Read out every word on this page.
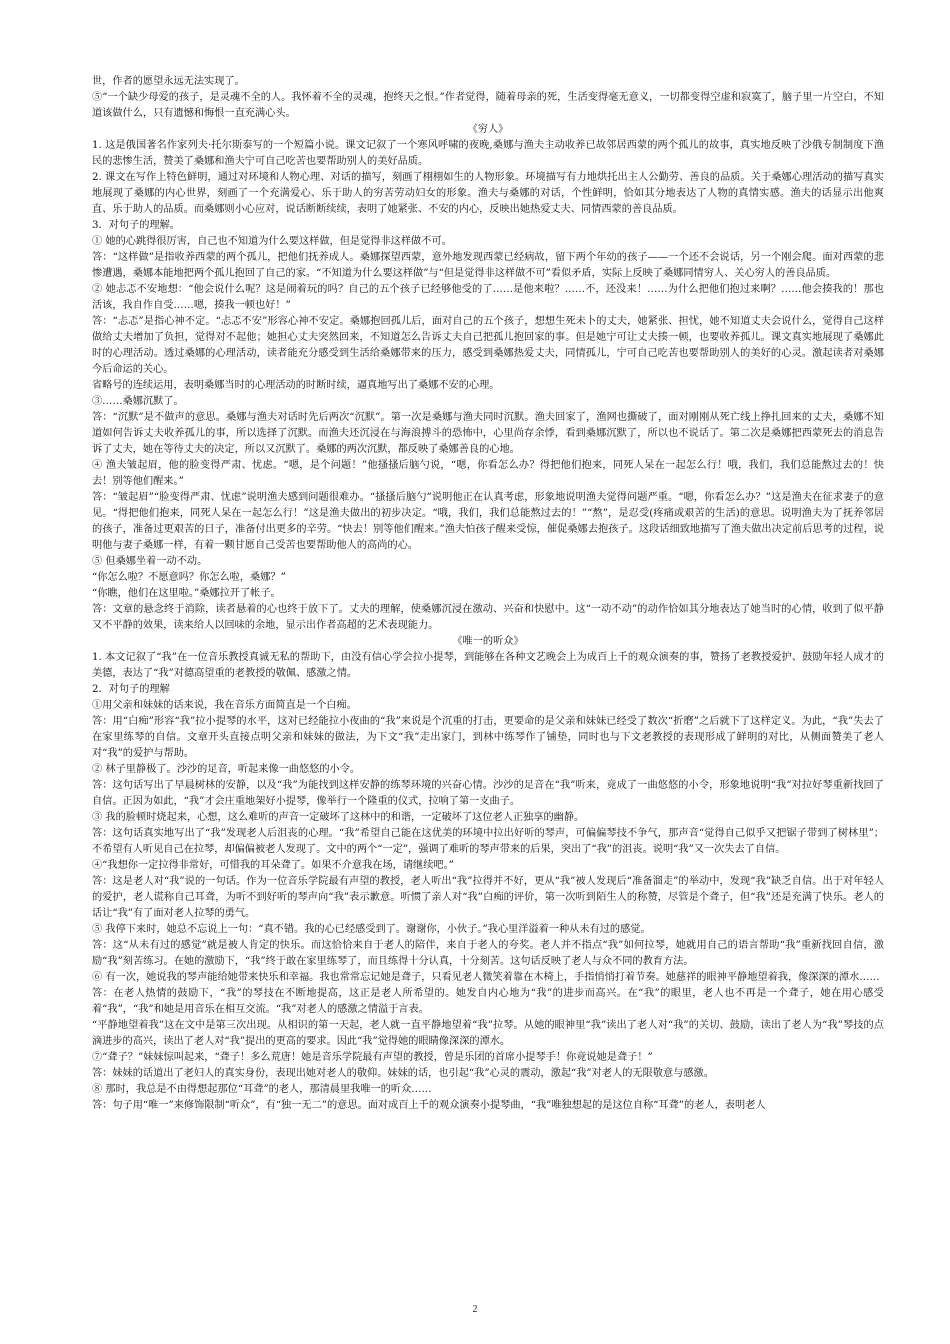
世，作者的愿望永远无法实现了。

⑤“一个缺少母爱的孩子，是灵魂不全的人。我怀着不全的灵魂，抱终天之恨。”作者觉得，随着母亲的死，生活变得毫无意义，一切都变得空虚和寂寞了，脑子里一片空白，不知道该做什么，只有遗憾和悔恨一直充满心头。

《穷人》

1. 这是俄国著名作家列夫·托尔斯泰写的一个短篇小说。课文记叙了一个寒风呼啸的夜晚,桑娜与渔夫主动收养已故邻居西蒙的两个孤儿的故事，真实地反映了沙俄专制制度下渔民的悲惨生活，赞美了桑娜和渔夫宁可自己吃苦也要帮助别人的美好品质。

2. 课文在写作上特色鲜明，通过对环境和人物心理、对话的描写，刻画了栩栩如生的人物形象。环境描写有力地烘托出主人公勤劳、善良的品质。关于桑娜心理活动的描写真实地展现了桑娜的内心世界，刻画了一个充满爱心、乐于助人的穷苦劳动妇女的形象。渔夫与桑娜的对话，个性鲜明，恰如其分地表达了人物的真情实感。渔夫的话显示出他爽直、乐于助人的品质。而桑娜则小心应对，说话断断续续，表明了她紧张、不安的内心，反映出她热爱丈夫、同情西蒙的善良品质。

3．对句子的理解。

① 她的心跳得很厉害，自己也不知道为什么要这样做，但是觉得非这样做不可。

答：“这样做”是指收养西蒙的两个孤儿，把他们抚养成人。桑娜探望西蒙，意外地发现西蒙已经病故，留下两个年幼的孩子——一个还不会说话，另一个刚会爬。面对西蒙的悲惨遭遇，桑娜本能地把两个孤儿抱回了自己的家。“不知道为什么要这样做”与“但是觉得非这样做不可”看似矛盾，实际上反映了桑娜同情穷人、关心穷人的善良品质。

② 她忐忑不安地想：“他会说什么呢？这是闹着玩的吗？自己的五个孩子已经够他受的了……是他来啦？……不，还没来！……为什么把他们抱过来啊？……他会揍我的！那也活该，我自作自受……嗯，揍我一顿也好！”

答：“忐忑”是指心神不定。“忐忑不安”形容心神不安定。桑娜抱回孤儿后，面对自己的五个孩子，想想生死未卜的丈夫，她紧张、担忧，她不知道丈夫会说什么，觉得自己这样做给丈夫增加了负担，觉得对不起他；她担心丈夫突然回来，不知道怎么告诉丈夫自己把孤儿抱回家的事。但是她宁可让丈夫揍一顿，也要收养孤儿。课文真实地展现了桑娜此时的心理活动。透过桑娜的心理活动，读者能充分感受到生活给桑娜带来的压力，感受到桑娜热爱丈夫，同情孤儿，宁可自己吃苦也要帮助别人的美好的心灵。激起读者对桑娜今后命运的关心。

省略号的连续运用，表明桑娜当时的心理活动的时断时续，逼真地写出了桑娜不安的心理。

③……桑娜沉默了。

答：“沉默”是不做声的意思。桑娜与渔夫对话时先后两次“沉默”。第一次是桑娜与渔夫同时沉默。渔夫回家了，渔网也撕破了，面对刚刚从死亡线上挣扎回来的丈夫，桑娜不知道如何告诉丈夫收养孤儿的事，所以选择了沉默。而渔夫还沉浸在与海浪搏斗的恐怖中，心里尚存余悸，看到桑娜沉默了，所以也不说话了。第二次是桑娜把西蒙死去的消息告诉了丈夫，她在等待丈夫的决定，所以又沉默了。桑娜的两次沉默，都反映了桑娜善良的心地。

④ 渔夫皱起眉，他的脸变得严肃、忧虑。“嗯，是个问题！”他搔搔后脑勺说，“嗯，你看怎么办？得把他们抱来，同死人呆在一起怎么行！哦，我们，我们总能熬过去的！快去！别等他们醒来。”

答：“皱起眉”“脸变得严肃、忧虑”说明渔夫感到问题很难办。“搔搔后脑勺”说明他正在认真考虑，形象地说明渔夫觉得问题严重。“嗯，你看怎么办？”这是渔夫在征求妻子的意见。“得把他们抱来，同死人呆在一起怎么行！”这是渔夫做出的初步决定。“哦，我们，我们总能熬过去的！”“熬”，是忍受(疼痛或艰苦的生活)的意思。说明渔夫为了抚养邻居的孩子，准备过更艰苦的日子，准备付出更多的辛劳。“快去！别等他们醒来。”渔夫怕孩子醒来受惊，催促桑娜去抱孩子。这段话细致地描写了渔夫做出决定前后思考的过程，说明他与妻子桑娜一样，有着一颗甘愿自己受苦也要帮助他人的高尚的心。

⑤ 但桑娜坐着一动不动。

“你怎么啦？不愿意吗？你怎么啦，桑娜？”

“你瞧，他们在这里啦。”桑娜拉开了帐子。

答：文章的悬念终于消除，读者悬着的心也终于放下了。丈夫的理解，使桑娜沉浸在激动、兴奋和快慰中。这“一动不动”的动作恰如其分地表达了她当时的心情，收到了似平静又不平静的效果，读来给人以回味的余地，显示出作者高超的艺术表现能力。

《唯一的听众》

1. 本文记叙了“我”在一位音乐教授真诚无私的帮助下，由没有信心学会拉小提琴，到能够在各种文艺晚会上为成百上千的观众演奏的事，赞扬了老教授爱护、鼓励年轻人成才的美德，表达了“我”对德高望重的老教授的敬佩、感激之情。

2．对句子的理解

①用父亲和妹妹的话来说，我在音乐方面简直是一个白痴。

答：用“白痴”形容“我”拉小提琴的水平，这对已经能拉小夜曲的“我”来说是个沉重的打击，更要命的是父亲和妹妹已经受了数次“折磨”之后就下了这样定义。为此，“我”失去了在家里练琴的自信。文章开头直接点明父亲和妹妹的做法，为下文“我”走出家门，到林中练琴作了铺垫，同时也与下文老教授的表现形成了鲜明的对比，从侧面赞美了老人对“我”的爱护与帮助。

② 林子里静极了。沙沙的足音，听起来像一曲悠悠的小令。

答：这句话写出了早晨树林的安静，以及“我”为能找到这样安静的练琴环境的兴奋心情。沙沙的足音在“我”听来，竟成了一曲悠悠的小令，形象地说明“我”对拉好琴重新找回了自信。正因为如此，“我”才会庄重地架好小提琴，像举行一个隆重的仪式，拉响了第一支曲子。

③ 我的脸顿时烧起来，心想，这么难听的声音一定破坏了这林中的和谐，一定破坏了这位老人正独享的幽静。

答：这句话真实地写出了“我”发现老人后沮丧的心理。“我”希望自己能在这优美的环境中拉出好听的琴声，可偏偏琴技不争气，那声音“觉得自己似乎又把锯子带到了树林里”；不希望有人听见自己在拉琴，却偏偏被老人发现了。文中的两个“一定”，强调了难听的琴声带来的后果，突出了“我”的沮丧。说明“我”又一次失去了自信。

④“我想你一定拉得非常好，可惜我的耳朵聋了。如果不介意我在场，请继续吧。”

答：这是老人对“我”说的一句话。作为一位音乐学院最有声望的教授，老人听出“我”拉得并不好，更从“我”被人发现后“准备溜走”的举动中，发现“我”缺乏自信。出于对年轻人的爱护，老人谎称自己耳聋，为听不到好听的琴声向“我”表示歉意。听惯了亲人对“我”白痴的评价，第一次听到陌生人的称赞，尽管是个聋子，但“我”还是充满了快乐。老人的话让“我”有了面对老人拉琴的勇气。

⑤ 我停下来时，她总不忘说上一句：“真不错。我的心已经感受到了。谢谢你，小伙子。”我心里洋溢着一种从未有过的感觉。

答：这“从未有过的感觉”就是被人肯定的快乐。而这恰恰来自于老人的陪伴，来自于老人的夸奖。老人并不指点“我”如何拉琴，她就用自己的语言帮助“我”重新找回自信，激励“我”刻苦练习。在她的激励下，“我”终于敢在家里练琴了，而且练得十分认真，十分刻苦。这句话反映了老人与众不同的教育方法。

⑥ 有一次，她说我的琴声能给她带来快乐和幸福。我也常常忘记她是聋子，只看见老人微笑着靠在木椅上，手指悄悄打着节奏。她慈祥的眼神平静地望着我，像深深的潭水……

答：在老人热情的鼓励下，“我”的琴技在不断地提高，这正是老人所希望的。她发自内心地为“我”的进步而高兴。在“我”的眼里，老人也不再是一个聋子，她在用心感受着“我”，“我”和她是用音乐在相互交流。“我”对老人的感激之情溢于言表。

“平静地望着我”这在文中是第三次出现。从相识的第一天起，老人就一直平静地望着“我”拉琴。从她的眼神里“我”读出了老人对“我”的关切、鼓励，读出了老人为“我”琴技的点滴进步的高兴，读出了老人对“我”提出的更高的要求。因此“我”觉得她的眼睛像深深的潭水。

⑦“聋子？”妹妹惊叫起来，“聋子！多么荒唐！她是音乐学院最有声望的教授，曾是乐团的首席小提琴手！你竟说她是聋子！”

答：妹妹的话道出了老妇人的真实身份，表现出她对老人的敬仰。妹妹的话，也引起“我”心灵的震动，激起“我”对老人的无限敬意与感激。

⑧ 那时，我总是不由得想起那位“耳聋”的老人，那清晨里我唯一的听众……

答：句子用“唯一”来修饰限制“听众”，有“独一无二”的意思。面对成百上千的观众演奏小提琴曲，“我”唯独想起的是这位自称“耳聋”的老人，表明老人

2
